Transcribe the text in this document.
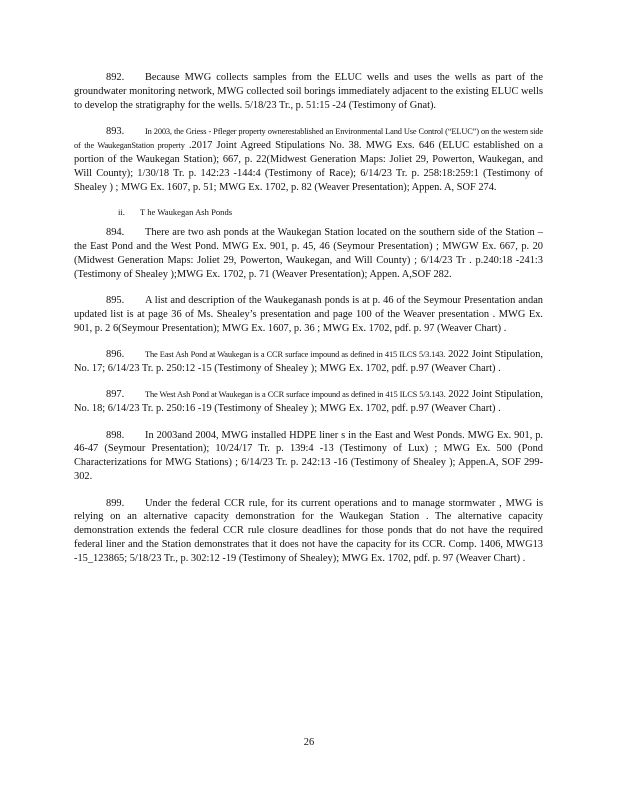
892. Because MWG collects samples from the ELUC wells and uses the wells as part of the groundwater monitoring network, MWG collected soil borings immediately adjacent to the existing ELUC wells to develop the stratigraphy for the wells. 5/18/23 Tr., p. 51:15 -24 (Testimony of Gnat).

893. In 2003, the Griess - Pfleger property ownerestablished an Environmental Land Use Control (“ELUC”) on the western side of the WaukeganStation property .2017 Joint Agreed Stipulations No. 38. MWG Exs. 646 (ELUC established on a portion of the Waukegan Station); 667, p. 22(Midwest Generation Maps: Joliet 29, Powerton, Waukegan, and Will County); 1/30/18 Tr. p. 142:23 -144:4 (Testimony of Race); 6/14/23 Tr. p. 258:18:259:1 (Testimony of Shealey ) ; MWG Ex. 1607, p. 51; MWG Ex. 1702, p. 82 (Weaver Presentation); Appen. A, SOF 274.

ii. T he Waukegan Ash Ponds

894. There are two ash ponds at the Waukegan Station located on the southern side of the Station – the East Pond and the West Pond. MWG Ex. 901, p. 45, 46 (Seymour Presentation) ; MWGW Ex. 667, p. 20 (Midwest Generation Maps: Joliet 29, Powerton, Waukegan, and Will County) ; 6/14/23 Tr . p.240:18 -241:3 (Testimony of Shealey );MWG Ex. 1702, p. 71 (Weaver Presentation); Appen. A,SOF 282.

895. A list and description of the Waukeganash ponds is at p. 46 of the Seymour Presentation andan updated list is at page 36 of Ms. Shealey’s presentation and page 100 of the Weaver presentation . MWG Ex. 901, p. 2 6(Seymour Presentation); MWG Ex. 1607, p. 36 ; MWG Ex. 1702, pdf. p. 97 (Weaver Chart) .

896. The East Ash Pond at Waukegan is a CCR surface impound as defined in 415 ILCS 5/3.143. 2022 Joint Stipulation, No. 17; 6/14/23 Tr. p. 250:12 -15 (Testimony of Shealey ); MWG Ex. 1702, pdf. p.97 (Weaver Chart) .

897. The West Ash Pond at Waukegan is a CCR surface impound as defined in 415 ILCS 5/3.143. 2022 Joint Stipulation, No. 18; 6/14/23 Tr. p. 250:16 -19 (Testimony of Shealey ); MWG Ex. 1702, pdf. p.97 (Weaver Chart) .

898. In 2003and 2004, MWG installed HDPE liner s in the East and West Ponds. MWG Ex. 901, p. 46-47 (Seymour Presentation); 10/24/17 Tr. p. 139:4 -13 (Testimony of Lux) ; MWG Ex. 500 (Pond Characterizations for MWG Stations) ; 6/14/23 Tr. p. 242:13 -16 (Testimony of Shealey ); Appen.A, SOF 299-302.

899. Under the federal CCR rule, for its current operations and to manage stormwater , MWG is relying on an alternative capacity demonstration for the Waukegan Station . The alternative capacity demonstration extends the federal CCR rule closure deadlines for those ponds that do not have the required federal liner and the Station demonstrates that it does not have the capacity for its CCR. Comp. 1406, MWG13 -15_123865; 5/18/23 Tr., p. 302:12 -19 (Testimony of Shealey); MWG Ex. 1702, pdf. p. 97 (Weaver Chart) .

26
